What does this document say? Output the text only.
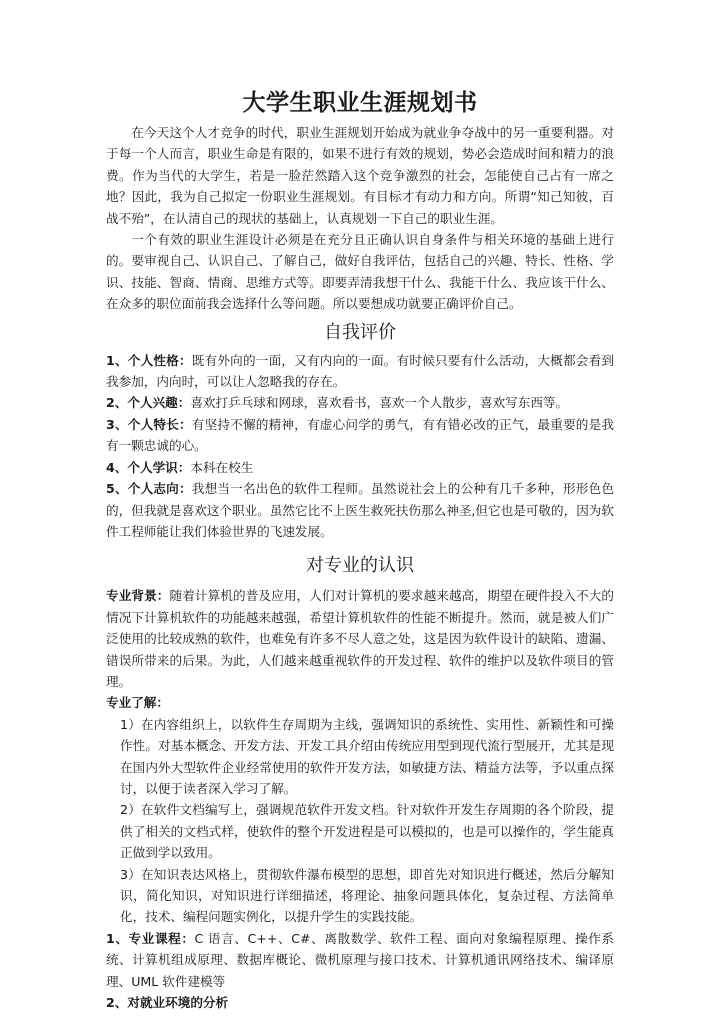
大学生职业生涯规划书

在今天这个人才竞争的时代，职业生涯规划开始成为就业争夺战中的另一重要利器。对于每一个人而言，职业生命是有限的，如果不进行有效的规划，势必会造成时间和精力的浪费。作为当代的大学生，若是一脸茫然踏入这个竞争激烈的社会，怎能使自己占有一席之地？因此，我为自己拟定一份职业生涯规划。有目标才有动力和方向。所谓“知己知彼，百战不殆”，在认清自己的现状的基础上，认真规划一下自己的职业生涯。

一个有效的职业生涯设计必须是在充分且正确认识自身条件与相关环境的基础上进行的。要审视自己、认识自己、了解自己，做好自我评估，包括自己的兴趣、特长、性格、学识、技能、智商、情商、思维方式等。即要弄清我想干什么、我能干什么、我应该干什么、在众多的职位面前我会选择什么等问题。所以要想成功就要正确评价自己。

自我评价

1、个人性格：既有外向的一面，又有内向的一面。有时候只要有什么活动，大概都会看到我参加，内向时，可以让人忽略我的存在。

2、个人兴趣：喜欢打乒乓球和网球，喜欢看书，喜欢一个人散步，喜欢写东西等。

3、个人特长：有坚持不懈的精神，有虚心问学的勇气，有有错必改的正气，最重要的是我有一颗忠诚的心。

4、个人学识：本科在校生

5、个人志向：我想当一名出色的软件工程师。虽然说社会上的公种有几千多种，形形色色的，但我就是喜欢这个职业。虽然它比不上医生救死扶伤那么神圣,但它也是可敬的，因为软件工程师能让我们体验世界的飞速发展。

对专业的认识

专业背景：随着计算机的普及应用，人们对计算机的要求越来越高，期望在硬件投入不大的情况下计算机软件的功能越来越强，希望计算机软件的性能不断提升。然而，就是被人们广泛使用的比较成熟的软件，也难免有许多不尽人意之处，这是因为软件设计的缺陷、遗漏、错误所带来的后果。为此，人们越来越重视软件的开发过程、软件的维护以及软件项目的管理。

专业了解：

1）在内容组织上，以软件生存周期为主线，强调知识的系统性、实用性、新颖性和可操作性。对基本概念、开发方法、开发工具介绍由传统应用型到现代流行型展开，尤其是现在国内外大型软件企业经常使用的软件开发方法，如敏捷方法、精益方法等，予以重点探讨，以便于读者深入学习了解。

2）在软件文档编写上，强调规范软件开发文档。针对软件开发生存周期的各个阶段，提供了相关的文档式样，使软件的整个开发进程是可以模拟的，也是可以操作的，学生能真正做到学以致用。

3）在知识表达风格上，贯彻软件瀑布模型的思想，即首先对知识进行概述，然后分解知识，简化知识，对知识进行详细描述，将理论、抽象问题具体化，复杂过程、方法简单化，技术、编程问题实例化，以提升学生的实践技能。

1、专业课程：C 语言、C++、C#、离散数学、软件工程、面向对象编程原理、操作系统、计算机组成原理、数据库概论、微机原理与接口技术、计算机通讯网络技术、编译原理、UML 软件建模等

2、对就业环境的分析
